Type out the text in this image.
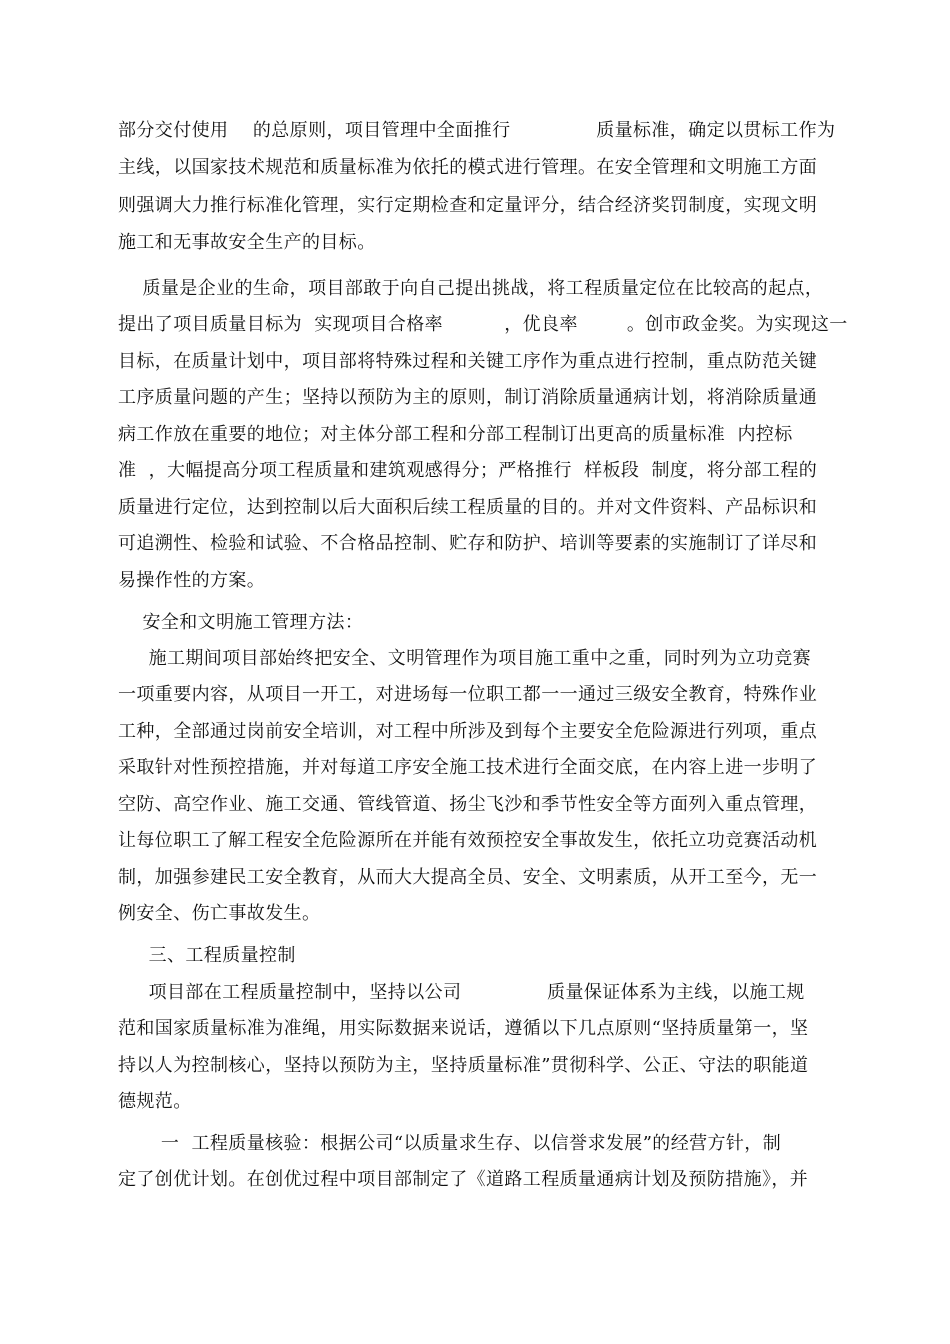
部分交付使用    的总原则，项目管理中全面推行              质量标准，确定以贯标工作为
主线，以国家技术规范和质量标准为依托的模式进行管理。在安全管理和文明施工方面
则强调大力推行标准化管理，实行定期检查和定量评分，结合经济奖罚制度，实现文明
施工和无事故安全生产的目标。
质量是企业的生命，项目部敢于向自己提出挑战，将工程质量定位在比较高的起点，
提出了项目质量目标为  实现项目合格率          ，优良率        。创市政金奖。为实现这一
目标，在质量计划中，项目部将特殊过程和关键工序作为重点进行控制，重点防范关键
工序质量问题的产生；坚持以预防为主的原则，制订消除质量通病计划，将消除质量通
病工作放在重要的地位；对主体分部工程和分部工程制订出更高的质量标准  内控标
准  ，大幅提高分项工程质量和建筑观感得分；严格推行  样板段  制度，将分部工程的
质量进行定位，达到控制以后大面积后续工程质量的目的。并对文件资料、产品标识和
可追溯性、检验和试验、不合格品控制、贮存和防护、培训等要素的实施制订了详尽和
易操作性的方案。
安全和文明施工管理方法：
施工期间项目部始终把安全、文明管理作为项目施工重中之重，同时列为立功竞赛
一项重要内容，从项目一开工，对进场每一位职工都一一通过三级安全教育，特殊作业
工种，全部通过岗前安全培训，对工程中所涉及到每个主要安全危险源进行列项，重点
采取针对性预控措施，并对每道工序安全施工技术进行全面交底，在内容上进一步明了
空防、高空作业、施工交通、管线管道、扬尘飞沙和季节性安全等方面列入重点管理，
让每位职工了解工程安全危险源所在并能有效预控安全事故发生，依托立功竞赛活动机
制，加强参建民工安全教育，从而大大提高全员、安全、文明素质，从开工至今，无一
例安全、伤亡事故发生。
三、工程质量控制
项目部在工程质量控制中，坚持以公司              质量保证体系为主线，以施工规
范和国家质量标准为准绳，用实际数据来说话，遵循以下几点原则“坚持质量第一，坚
持以人为控制核心，坚持以预防为主，坚持质量标准”贯彻科学、公正、守法的职能道
德规范。
一  工程质量核验：根据公司“以质量求生存、以信誉求发展”的经营方针，制
定了创优计划。在创优过程中项目部制定了《道路工程质量通病计划及预防措施》，并
